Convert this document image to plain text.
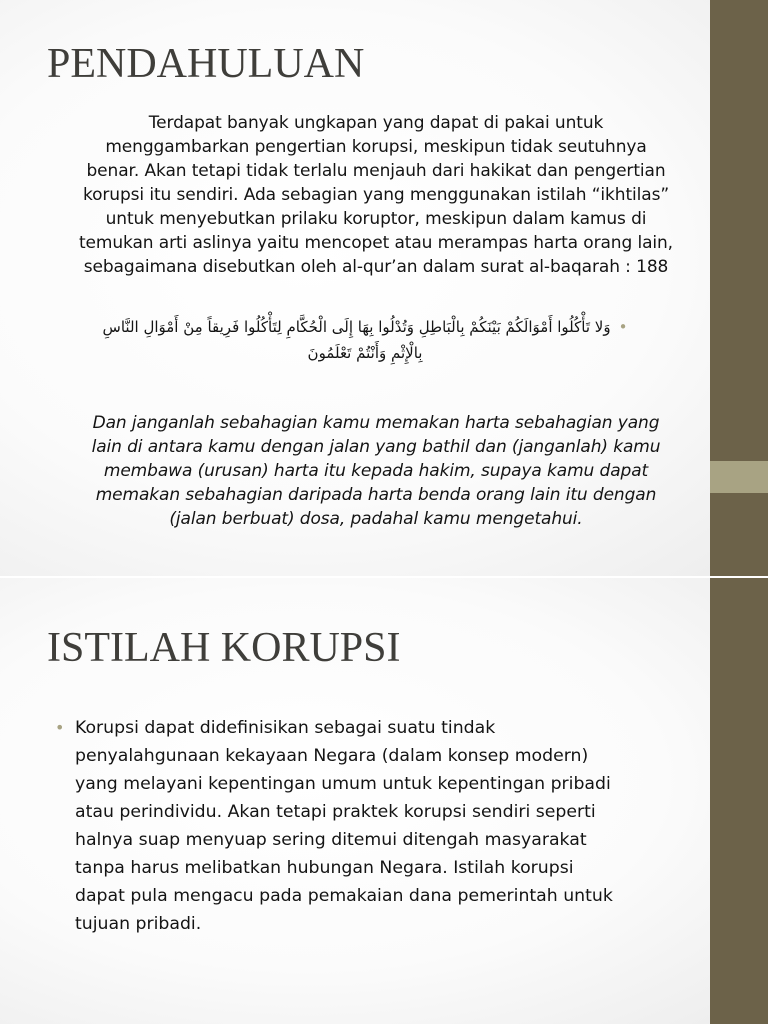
PENDAHULUAN

Terdapat banyak ungkapan yang dapat di pakai untuk
menggambarkan pengertian korupsi, meskipun tidak seutuhnya
benar. Akan tetapi tidak terlalu menjauh dari hakikat dan pengertian
korupsi itu sendiri. Ada sebagian yang menggunakan istilah “ikhtilas”
untuk menyebutkan prilaku koruptor, meskipun dalam kamus di
temukan arti aslinya yaitu mencopet atau merampas harta orang lain,
sebagaimana disebutkan oleh al-qur’an dalam surat al-baqarah : 188

•وَلا تَأْكُلُوا أَمْوَالَكُمْ بَيْنَكُمْ بِالْبَاطِلِ وَتُدْلُوا بِهَا إِلَى الْحُكَّامِ لِتَأْكُلُوا فَرِيقاً مِنْ أَمْوَالِ النَّاسِ
بِالْإِثْمِ وَأَنْتُمْ تَعْلَمُونَ

Dan janganlah sebahagian kamu memakan harta sebahagian yang
lain di antara kamu dengan jalan yang bathil dan (janganlah) kamu
membawa (urusan) harta itu kepada hakim, supaya kamu dapat
memakan sebahagian daripada harta benda orang lain itu dengan
(jalan berbuat) dosa, padahal kamu mengetahui.

ISTILAH KORUPSI
• Korupsi dapat didefinisikan sebagai suatu tindak
penyalahgunaan kekayaan Negara (dalam konsep modern)
yang melayani kepentingan umum untuk kepentingan pribadi
atau perindividu. Akan tetapi praktek korupsi sendiri seperti
halnya suap menyuap sering ditemui ditengah masyarakat
tanpa harus melibatkan hubungan Negara. Istilah korupsi
dapat pula mengacu pada pemakaian dana pemerintah untuk
tujuan pribadi.
